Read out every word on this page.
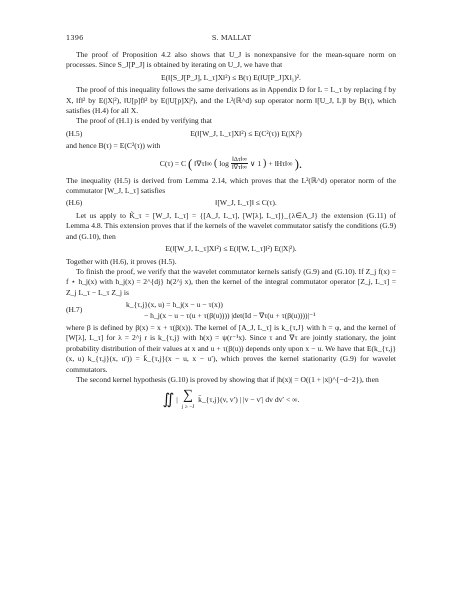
1396	S. MALLAT

The proof of Proposition 4.2 also shows that U_J is nonexpansive for the mean-square norm on processes. Since S_J[P_J] is obtained by iterating on U_J, we have that

E(‖[S_J[P_J], L_τ]X‖²) ≤ B(τ) E(‖U[P_J]X‖₁)².

The proof of this inequality follows the same derivations as in Appendix D for L = L_τ by replacing f by X, ‖f‖² by E(|X|²), ‖U[p]f‖² by E(|U[p]X|²), and the L²(ℝ^d) sup operator norm ‖[U_J, L]‖ by B(τ), which satisfies (H.4) for all X.

The proof of (H.1) is ended by verifying that

(H.5)	E(‖[W_J, L_τ]X‖²) ≤ E(C²(τ)) E(|X|²)

and hence B(τ) = E(C²(τ)) with

C(τ) = C ( ‖∇τ‖∞ ( $\log \frac{‖\Delta\tau‖\infty}{‖\nabla\tau‖\infty}$ ∨ 1 ) + ‖Hτ‖∞ ).

The inequality (H.5) is derived from Lemma 2.14, which proves that the L²(ℝ^d) operator norm of the commutator [W_J, L_τ] satisfies

(H.6)	‖[W_J, L_τ]‖ ≤ C(τ).

Let us apply to K̃_τ = [W_J, L_τ] = {[A_J, L_τ], [W[λ], L_τ]}_{λ∈Λ_J} the extension (G.11) of Lemma 4.8. This extension proves that if the kernels of the wavelet commutator satisfy the conditions (G.9) and (G.10), then

E(‖[W_J, L_τ]X‖²) ≤ E(‖[W, L_τ]‖²) E(|X|²).

Together with (H.6), it proves (H.5).

To finish the proof, we verify that the wavelet commutator kernels satisfy (G.9) and (G.10). If Z_j f(x) = f ⋆ h_j(x) with h_j(x) = 2^{dj} h(2^j x), then the kernel of the integral commutator operator [Z_j, L_τ] = Z_j L_τ − L_τ Z_j is

(H.7)
k_{τ,j}(x, u) = h_j(x − u − τ(x))
− h_j(x − u − τ(u + τ(β(u)))) |det(Id − ∇τ(u + τ(β(u))))|⁻¹

where β is defined by β(x) = x + τ(β(x)). The kernel of [A_J, L_τ] is k_{τ,J} with h = φ, and the kernel of [W[λ], L_τ] for λ = 2^j r is k_{τ,j} with h(x) = ψ(r⁻¹x). Since τ and ∇τ are jointly stationary, the joint probability distribution of their values at x and u + τ(β(u)) depends only upon x − u. We have that E(k_{τ,j}(x, u) k_{τ,j}(x, u′)) = k̄_{τ,j}(x − u, x − u′), which proves the kernel stationarity (G.9) for wavelet commutators.

The second kernel hypothesis (G.10) is proved by showing that if |h(x)| = O((1 + |x|)^{−d−2}), then

∬ | ∑
j ≥ −J
k̄_{τ,j}(v, v′) | |v − v′| dv dv′ < ∞.
